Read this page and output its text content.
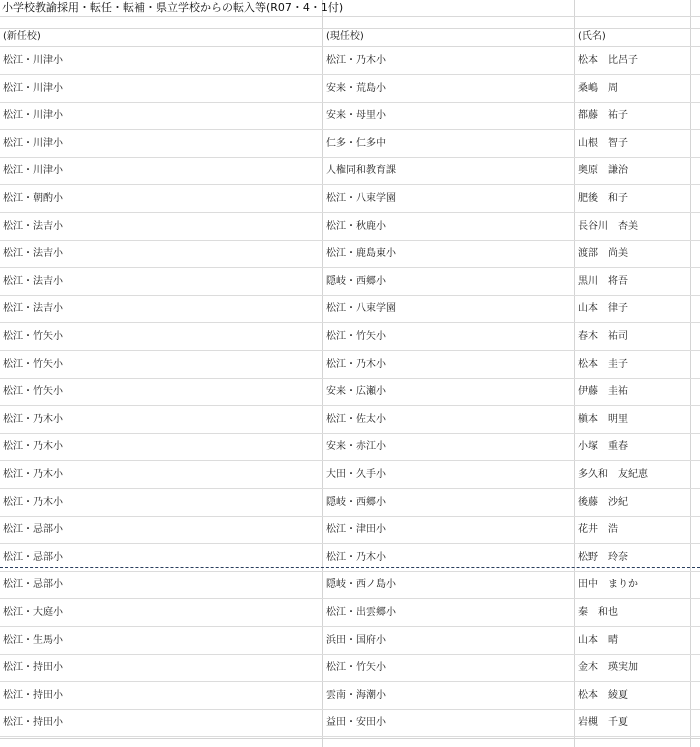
小学校教諭採用・転任・転補・県立学校からの転入等(R07・4・1付)
(新任校)	(現任校)	(氏名)
松江・川津小	松江・乃木小	松本　比呂子
松江・川津小	安来・荒島小	桑嶋　周
松江・川津小	安来・母里小	都藤　祐子
松江・川津小	仁多・仁多中	山根　智子
松江・川津小	人権同和教育課	奥原　謙治
松江・朝酌小	松江・八束学園	肥後　和子
松江・法吉小	松江・秋鹿小	長谷川　杏美
松江・法吉小	松江・鹿島東小	渡部　尚美
松江・法吉小	隠岐・西郷小	黒川　将吾
松江・法吉小	松江・八束学園	山本　律子
松江・竹矢小	松江・竹矢小	春木　祐司
松江・竹矢小	松江・乃木小	松本　圭子
松江・竹矢小	安来・広瀬小	伊藤　圭祐
松江・乃木小	松江・佐太小	槇本　明里
松江・乃木小	安来・赤江小	小塚　重春
松江・乃木小	大田・久手小	多久和　友紀恵
松江・乃木小	隠岐・西郷小	後藤　沙紀
松江・忌部小	松江・津田小	花井　浩
松江・忌部小	松江・乃木小	松野　玲奈
松江・忌部小	隠岐・西ノ島小	田中　まりか
松江・大庭小	松江・出雲郷小	秦　和也
松江・生馬小	浜田・国府小	山本　晴
松江・持田小	松江・竹矢小	金木　瑛実加
松江・持田小	雲南・海潮小	松本　綾夏
松江・持田小	益田・安田小	岩槻　千夏
